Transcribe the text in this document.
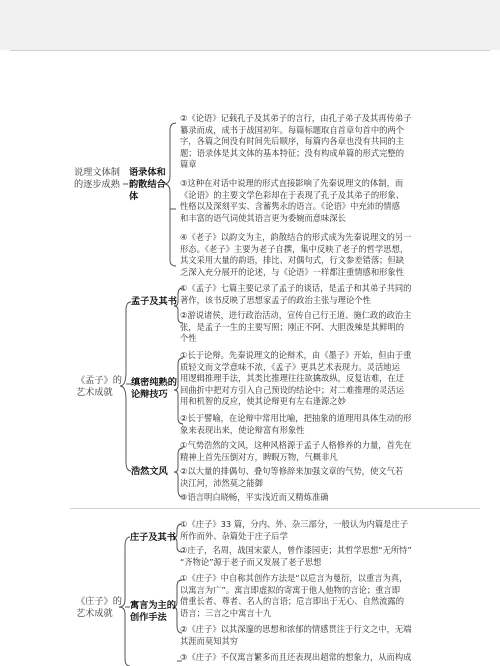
说理文体制
的逐步成熟
语录体和韵散结合体
②《论语》记载孔子及其弟子的言行，由孔子弟子及其再传弟子
纂录而成，成书于战国初年。每篇标题取自首章句首中的两个
字，各篇之间没有时间先后顺序，每篇内各章也没有共同的主
题；语录体是其文体的基本特征；没有构成单篇的形式完整的
篇章
③这种在对话中说理的形式直接影响了先秦说理文的体制，而
《论语》的主要文学色彩却在于表现了孔子及其弟子的形象、
性格以及深刻平实、含蓄隽永的语言。《论语》中充沛的情感
和丰富的语气词使其语言更为委婉而意味深长
④《老子》以韵文为主，韵散结合的形式成为先秦说理文的另一
形态。《老子》主要为老子自撰，集中反映了老子的哲学思想，
其文采用大量的韵语，排比、对偶句式，行文参差错落；但缺
乏深入充分展开的论述，与《论语》一样都注重情感和形象性
《孟子》的
艺术成就
孟子及其书
缜密纯熟的论辩技巧
浩然文风
①《孟子》七篇主要记录了孟子的谈话，是孟子和其弟子共同的
著作，该书反映了思想家孟子的政治主张与理论个性
②游说诸侯，进行政治活动，宣传自己行王道、施仁政的政治主
张，是孟子一生的主要写照；刚正不阿、大胆泼辣是其鲜明的
个性
①长于论辩。先秦说理文的论辩术，由《墨子》开始，但由于重
质轻文而文学意味不浓，《孟子》更具艺术表现力。灵活地运
用逻辑推理手法，其类比推理往往欲擒故纵，反复诘难，在迂
回曲折中把对方引入自己预设的结论中；对二难推理的灵活运
用和机智的反应，使其论辩更有左右逢源之妙
②长于譬喻，在论辩中常用比喻，把抽象的道理用具体生动的形
象来表现出来，使论辩富有形象性
①气势浩然的文风，这种风格源于孟子人格修养的力量，首先在
精神上首先压倒对方，睥睨万物，气概非凡
②以大量的排偶句、叠句等修辞来加强文章的气势，使文气若
决江河，沛然莫之能御
③语言明白晓畅，平实浅近而又精炼准确
《庄子》的
艺术成就
庄子及其书
寓言为主的创作手法
①《庄子》33 篇，分内、外、杂三部分，一般认为内篇是庄子
所作而外、杂篇处于庄子后学
②庄子，名周，战国宋蒙人，曾作漆园吏；其哲学思想“无所恃”
“齐物论”源于老子而又发展了老子思想
①《庄子》中自称其创作方法是“以卮言为曼衍，以重言为真，
以寓言为广”。寓言即虚拟的寄寓于他人他物的言论；重言即
借重长者、尊者、名人的言语；卮言即出于无心、自然流露的
语言；三言之中寓言十九
②《庄子》以其深邃的思想和浓郁的情感贯注于行文之中，无端
其涯而莫知其穷
③《庄子》不仅寓言繁多而且还表现出超常的想象力，从而构成
